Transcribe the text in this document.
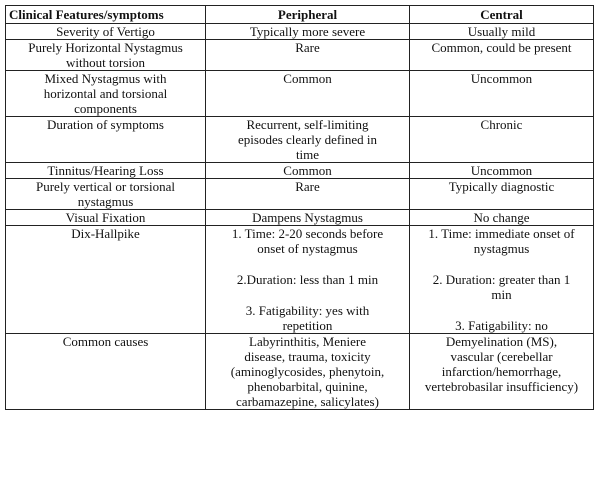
Clinical Features/symptoms	Peripheral	Central

Severity of Vertigo	Typically more severe	Usually mild

Purely Horizontal Nystagmus
without torsion	Rare	Common, could be present

Mixed Nystagmus with
horizontal and torsional
components	Common	Uncommon

Duration of symptoms	Recurrent, self-limiting
episodes clearly defined in
time	Chronic

Tinnitus/Hearing Loss	Common	Uncommon

Purely vertical or torsional
nystagmus	Rare	Typically diagnostic

Visual Fixation	Dampens Nystagmus	No change

Dix-Hallpike	1. Time: 2-20 seconds before
onset of nystagmus
2.Duration: less than 1 min
3. Fatigability: yes with
repetition	1. Time: immediate onset of
nystagmus
2. Duration: greater than 1
min
3. Fatigability: no

Common causes	Labyrinthitis, Meniere
disease, trauma, toxicity
(aminoglycosides, phenytoin,
phenobarbital, quinine,
carbamazepine, salicylates)	Demyelination (MS),
vascular (cerebellar
infarction/hemorrhage,
vertebrobasilar insufficiency)
